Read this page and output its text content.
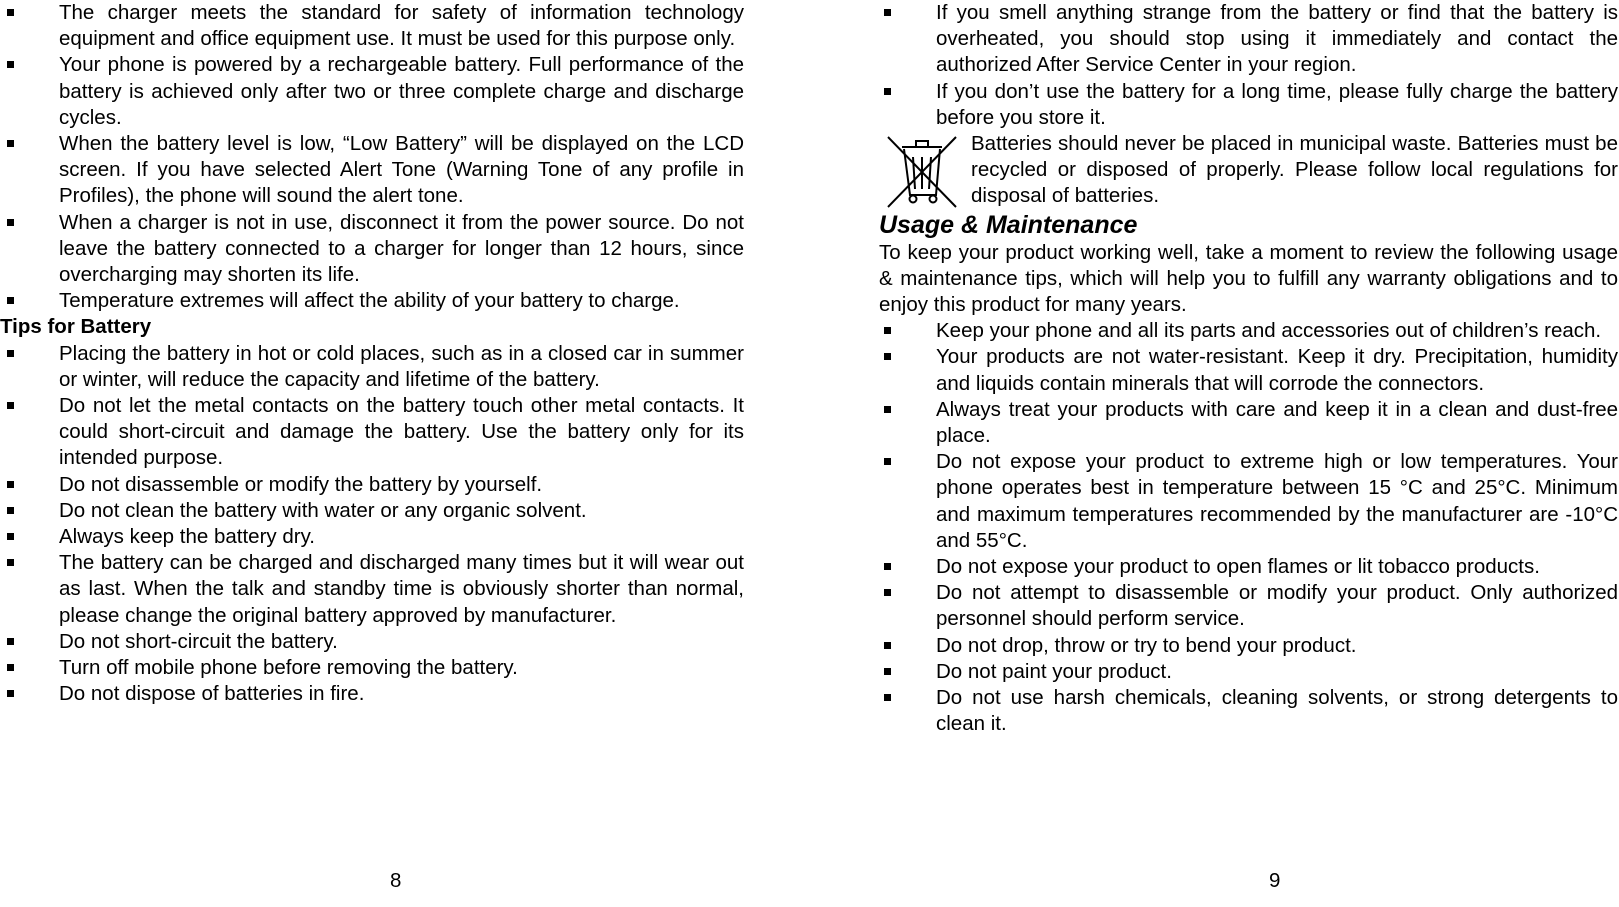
The charger meets the standard for safety of information technology equipment and office equipment use. It must be used for this purpose only.
Your phone is powered by a rechargeable battery. Full performance of the battery is achieved only after two or three complete charge and discharge cycles.
When the battery level is low, “Low Battery” will be displayed on the LCD screen. If you have selected Alert Tone (Warning Tone of any profile in Profiles), the phone will sound the alert tone.
When a charger is not in use, disconnect it from the power source. Do not leave the battery connected to a charger for longer than 12 hours, since overcharging may shorten its life.
Temperature extremes will affect the ability of your battery to charge.

Tips for Battery

Placing the battery in hot or cold places, such as in a closed car in summer or winter, will reduce the capacity and lifetime of the battery.
Do not let the metal contacts on the battery touch other metal contacts. It could short-circuit and damage the battery. Use the battery only for its intended purpose.
Do not disassemble or modify the battery by yourself.
Do not clean the battery with water or any organic solvent.
Always keep the battery dry.
The battery can be charged and discharged many times but it will wear out as last. When the talk and standby time is obviously shorter than normal, please change the original battery approved by manufacturer.
Do not short-circuit the battery.
Turn off mobile phone before removing the battery.
Do not dispose of batteries in fire.
8
If you smell anything strange from the battery or find that the battery is overheated, you should stop using it immediately and contact the authorized After Service Center in your region.
If you don’t use the battery for a long time, please fully charge the battery before you store it.
Batteries should never be placed in municipal waste. Batteries must be recycled or disposed of properly. Please follow local regulations for disposal of batteries.

Usage & Maintenance

To keep your product working well, take a moment to review the following usage & maintenance tips, which will help you to fulfill any warranty obligations and to enjoy this product for many years.

Keep your phone and all its parts and accessories out of children’s reach.
Your products are not water-resistant. Keep it dry. Precipitation, humidity and liquids contain minerals that will corrode the connectors.
Always treat your products with care and keep it in a clean and dust-free place.
Do not expose your product to extreme high or low temperatures. Your phone operates best in temperature between 15 °C and 25°C. Minimum and maximum temperatures recommended by the manufacturer are -10°C and 55°C.
Do not expose your product to open flames or lit tobacco products.
Do not attempt to disassemble or modify your product. Only authorized personnel should perform service.
Do not drop, throw or try to bend your product.
Do not paint your product.
Do not use harsh chemicals, cleaning solvents, or strong detergents to clean it.
9
